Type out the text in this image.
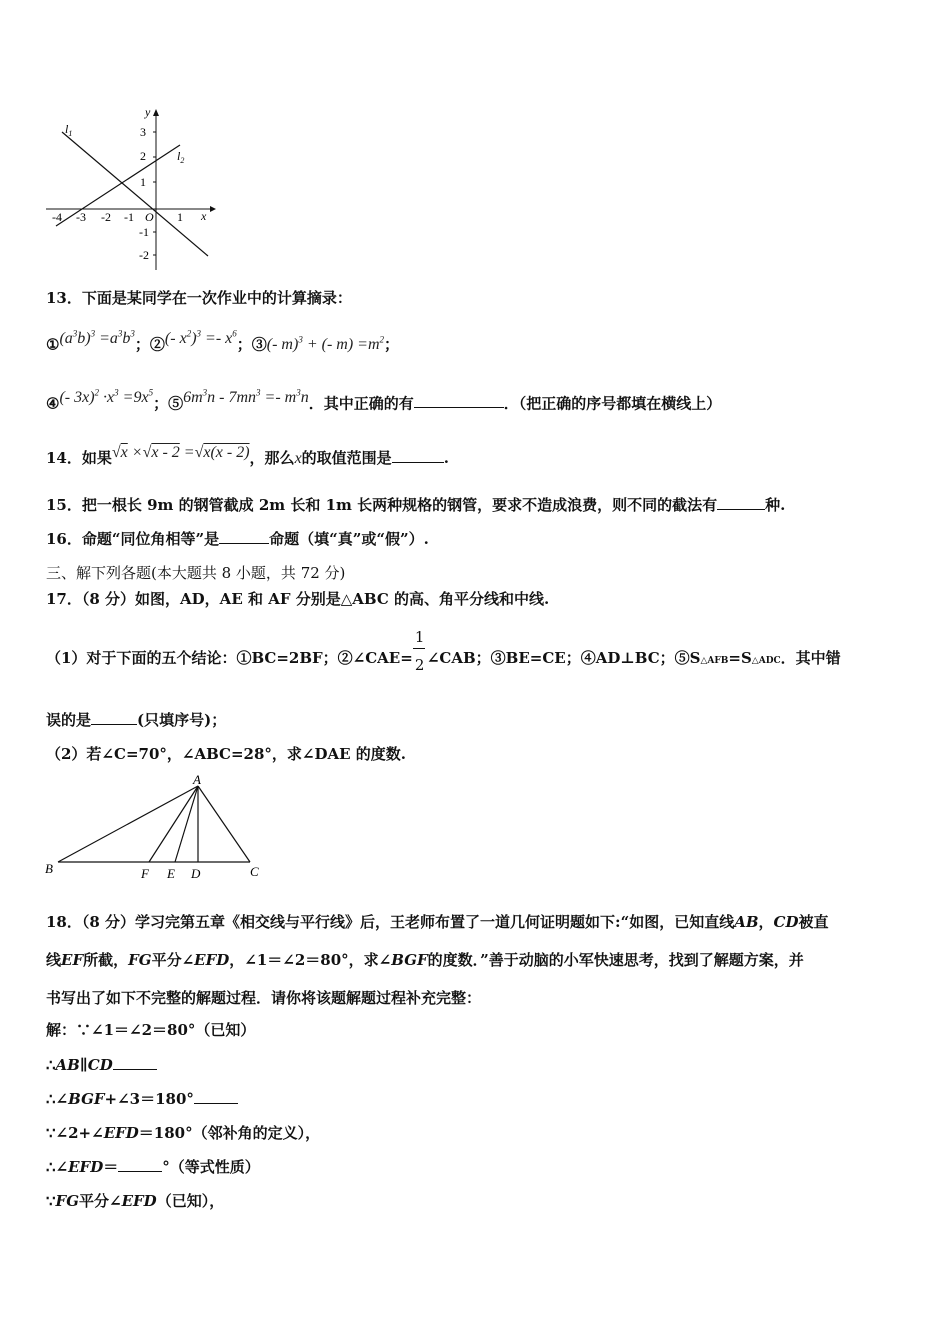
y
x
O
3
2
1
-1
-2
-4 -3 -2 -1	1
$l_1$
$l_2$
13．下面是某同学在一次作业中的计算摘录：
$①(a^3b)^3 =a^3b^3$；②(- $x^2)^3 =- x^6$；③(- m)$^3$ + (- $m) =m^2$；
④(- $3x)^2 \cdot x^3 =9x^5$；$⑤6m^3n - 7mn^3 =- m^3n$．其中正确的有	．（把正确的序号都填在横线上）
14．如果√x ×√x - 2 =√x(x - 2)，那么x的取值范围是	.
15．把一根长 9m 的钢管截成 2m 长和 1m 长两种规格的钢管，要求不造成浪费，则不同的截法有	种.
16．命题“同位角相等”是	命题（填“真”或“假”）.
三、解下列各题(本大题共 8 小题，共 72 分)
17．（8 分）如图，AD，AE 和 AF 分别是△ABC 的高、角平分线和中线.
（1）对于下面的五个结论：①BC=2BF；②∠CAE= $\frac{1}{2}$ ∠CAB；③BE=CE；④AD⊥BC；⑤S△AFB=S△ADC．其中错
误的是	(只填序号)；
（2）若∠C=70°，∠ABC=28°，求∠DAE 的度数.
A
B	C
F E D
18．（8 分）学习完第五章《相交线与平行线》后，王老师布置了一道几何证明题如下:“如图，已知直线AB，CD被直
线EF所截，FG平分∠EFD，∠1＝∠2＝80°，求∠BGF的度数．”善于动脑的小军快速思考，找到了解题方案，并
书写出了如下不完整的解题过程．请你将该题解题过程补充完整：
解：∵∠1＝∠2＝80°（已知）
∴AB∥CD
∴∠BGF+∠3＝180°
∵∠2+∠EFD＝180°（邻补角的定义），
∴∠EFD＝	°（等式性质）
∵FG平分∠EFD（已知），
